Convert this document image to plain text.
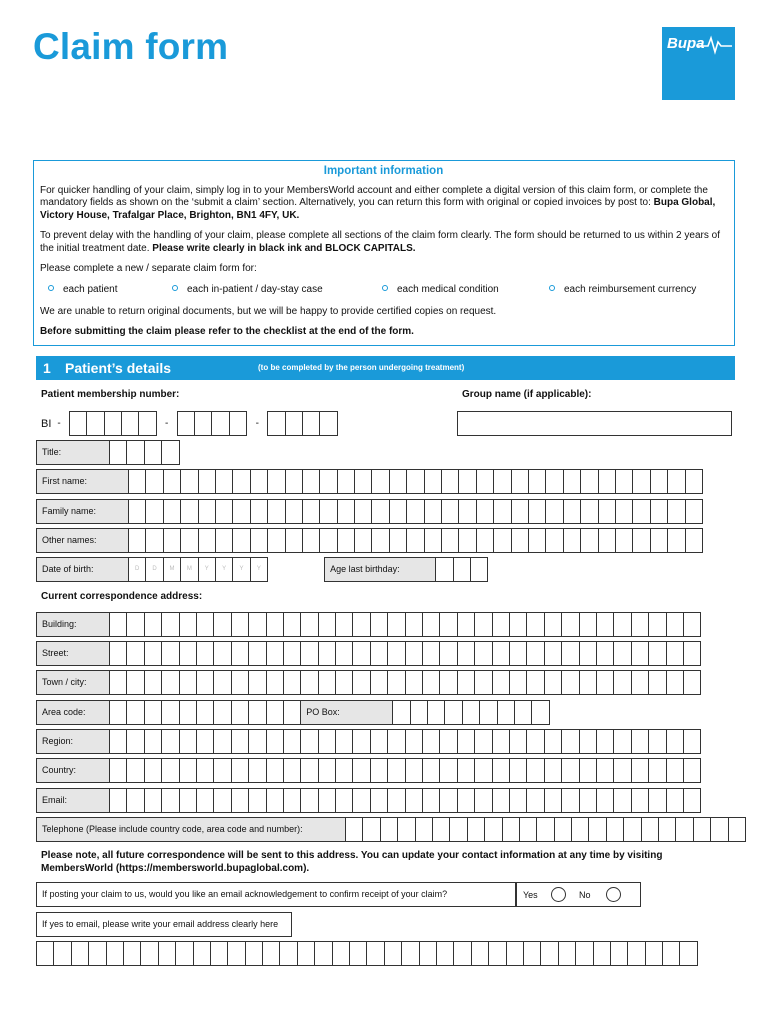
Claim form	Bupa
Important information

For quicker handling of your claim, simply log in to your MembersWorld account and either complete a digital version of this claim form, or complete the mandatory fields as shown on the ‘submit a claim’ section. Alternatively, you can return this form with original or copied invoices by post to: Bupa Global, Victory House, Trafalgar Place, Brighton, BN1 4FY, UK.

To prevent delay with the handling of your claim, please complete all sections of the claim form clearly. The form should be returned to us within 2 years of the initial treatment date. Please write clearly in black ink and BLOCK CAPITALS.

Please complete a new / separate claim form for:

each patient	each in-patient / day-stay case	each medical condition	each reimbursement currency

We are unable to return original documents, but we will be happy to provide certified copies on request.

Before submitting the claim please refer to the checklist at the end of the form.

1 Patient’s details	(to be completed by the person undergoing treatment)
Patient membership number:	Group name (if applicable):
BI -	-	-
Title:
First name:
Family name:
Other names:
Date of birth:	D	D	M	M	Y	Y	Y	Y	Age last birthday:
Current correspondence address:
Building:
Street:
Town / city:
Area code:	PO Box:
Region:
Country:
Email:
Telephone (Please include country code, area code and number):
Please note, all future correspondence will be sent to this address. You can update your contact information at any time by visiting MembersWorld (https://membersworld.bupaglobal.com).
If posting your claim to us, would you like an email acknowledgement to confirm receipt of your claim?	Yes	No
If yes to email, please write your email address clearly here
